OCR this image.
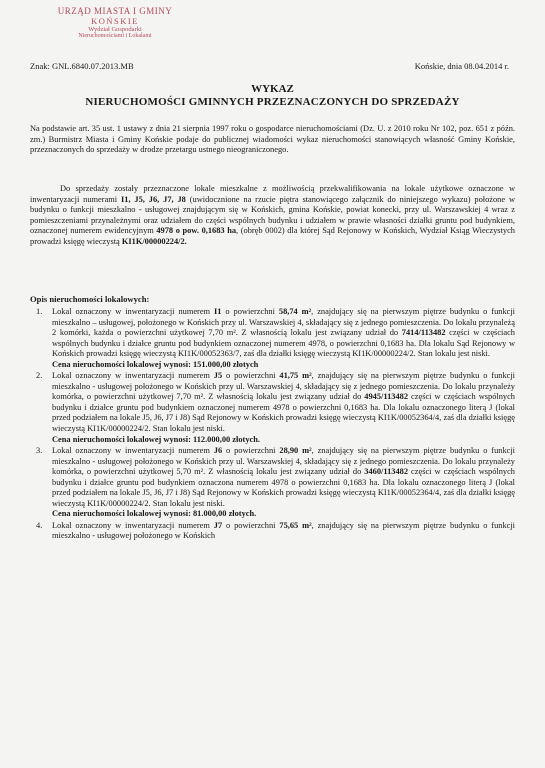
URZĄD MIASTA I GMINY
KOŃSKIE
Wydział Gospodarki
Nieruchomościami i Lokalami
Znak: GNL.6840.07.2013.MB	Końskie, dnia 08.04.2014 r.
WYKAZ
NIERUCHOMOŚCI GMINNYCH PRZEZNACZONYCH DO SPRZEDAŻY
Na podstawie art. 35 ust. 1 ustawy z dnia 21 sierpnia 1997 roku o gospodarce nieruchomościami (Dz. U. z 2010 roku Nr 102, poz. 651 z późn. zm.) Burmistrz Miasta i Gminy Końskie podaje do publicznej wiadomości wykaz nieruchomości stanowiących własność Gminy Końskie, przeznaczonych do sprzedaży w drodze przetargu ustnego nieograniczonego.
Do sprzedaży zostały przeznaczone lokale mieszkalne z możliwością przekwalifikowania na lokale użytkowe oznaczone w inwentaryzacji numerami I1, J5, J6, J7, J8 (uwidocznione na rzucie piętra stanowiącego załącznik do niniejszego wykazu) położone w budynku o funkcji mieszkalno - usługowej znajdującym się w Końskich, gmina Końskie, powiat konecki, przy ul. Warszawskiej 4 wraz z pomieszczeniami przynależnymi oraz udziałem do części wspólnych budynku i udziałem w prawie własności działki gruntu pod budynkiem, oznaczonej numerem ewidencyjnym 4978 o pow. 0,1683 ha, (obręb 0002) dla której Sąd Rejonowy w Końskich, Wydział Ksiąg Wieczystych prowadzi księgę wieczystą KI1K/00000224/2.
Opis nieruchomości lokalowych:
1. Lokal oznaczony w inwentaryzacji numerem I1 o powierzchni 58,74 m², znajdujący się na pierwszym piętrze budynku o funkcji mieszkalno – usługowej, położonego w Końskich przy ul. Warszawskiej 4, składający się z jednego pomieszczenia. Do lokalu przynależą 2 komórki, każda o powierzchni użytkowej 7,70 m². Z własnością lokalu jest związany udział do 7414/113482 części w częściach wspólnych budynku i działce gruntu pod budynkiem oznaczonej numerem 4978, o powierzchni 0,1683 ha. Dla lokalu Sąd Rejonowy w Końskich prowadzi księgę wieczystą KI1K/00052363/7, zaś dla działki księgę wieczystą KI1K/00000224/2. Stan lokalu jest niski.
Cena nieruchomości lokalowej wynosi: 151.000,00 złotych
2. Lokal oznaczony w inwentaryzacji numerem J5 o powierzchni 41,75 m², znajdujący się na pierwszym piętrze budynku o funkcji mieszkalno - usługowej położonego w Końskich przy ul. Warszawskiej 4, składający się z jednego pomieszczenia. Do lokalu przynależy komórka, o powierzchni użytkowej 7,70 m². Z własnością lokalu jest związany udział do 4945/113482 części w częściach wspólnych budynku i działce gruntu pod budynkiem oznaczonej numerem 4978 o powierzchni 0,1683 ha. Dla lokalu oznaczonego literą J (lokal przed podziałem na lokale J5, J6, J7 i J8) Sąd Rejonowy w Końskich prowadzi księgę wieczystą KI1K/00052364/4, zaś dla działki księgę wieczystą KI1K/00000224/2. Stan lokalu jest niski.
Cena nieruchomości lokalowej wynosi: 112.000,00 złotych.
3. Lokal oznaczony w inwentaryzacji numerem J6 o powierzchni 28,90 m², znajdujący się na pierwszym piętrze budynku o funkcji mieszkalno - usługowej położonego w Końskich przy ul. Warszawskiej 4, składający się z jednego pomieszczenia. Do lokalu przynależy komórka, o powierzchni użytkowej 5,70 m². Z własnością lokalu jest związany udział do 3460/113482 części w częściach wspólnych budynku i działce gruntu pod budynkiem oznaczona numerem 4978 o powierzchni 0,1683 ha. Dla lokalu oznaczonego literą J (lokal przed podziałem na lokale J5, J6, J7 i J8) Sąd Rejonowy w Końskich prowadzi księgę wieczystą KI1K/00052364/4, zaś dla działki księgę wieczystą KI1K/00000224/2. Stan lokalu jest niski.
Cena nieruchomości lokalowej wynosi: 81.000,00 złotych.
4. Lokal oznaczony w inwentaryzacji numerem J7 o powierzchni 75,65 m², znajdujący się na pierwszym piętrze budynku o funkcji mieszkalno - usługowej położonego w Końskich
